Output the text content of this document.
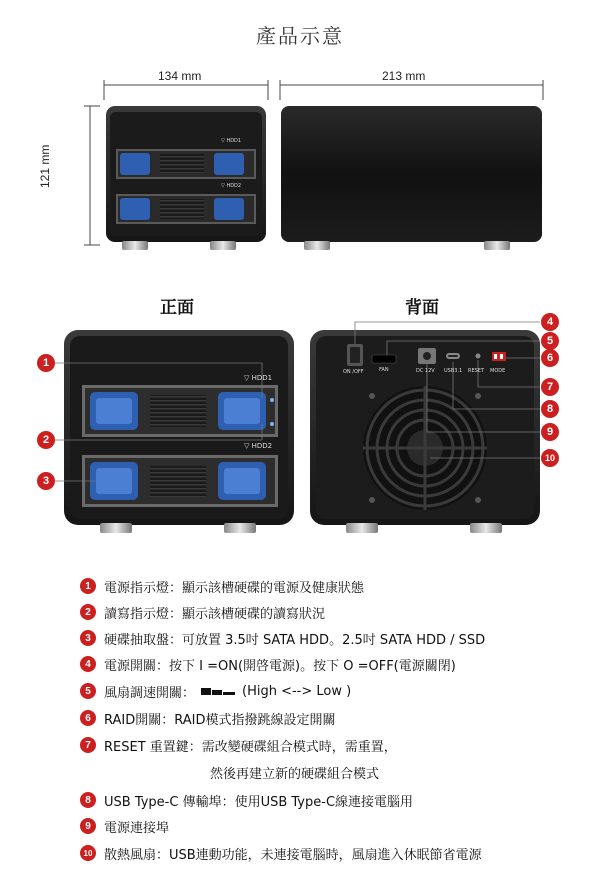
產品示意
134 mm	213 mm
121 mm
▽ HDD1
▽ HDD2
正面	背面
▽ HDD1
▽ HDD2
ON /OFF	FAN	DC 12V USB3.1 RESET MODE
1
2
3
4
5
6
7
8
9
10
1	電源指示燈：顯示該槽硬碟的電源及健康狀態
2	讀寫指示燈：顯示該槽硬碟的讀寫狀況
3	硬碟抽取盤：可放置 3.5吋 SATA HDD。2.5吋 SATA HDD / SSD
4	電源開關：按下 Ⅰ =ON(開啓電源)。按下 O =OFF(電源關閉)
5	風扇調速開關：	(High <--> Low )
6	RAID開關：RAID模式指撥跳線設定開關
7	RESET 重置鍵：需改變硬碟組合模式時，需重置，
然後再建立新的硬碟組合模式
8	USB Type-C 傳輸埠：使用USB Type-C線連接電腦用
9	電源連接埠
10 散熱風扇：USB連動功能，未連接電腦時，風扇進入休眠節省電源
